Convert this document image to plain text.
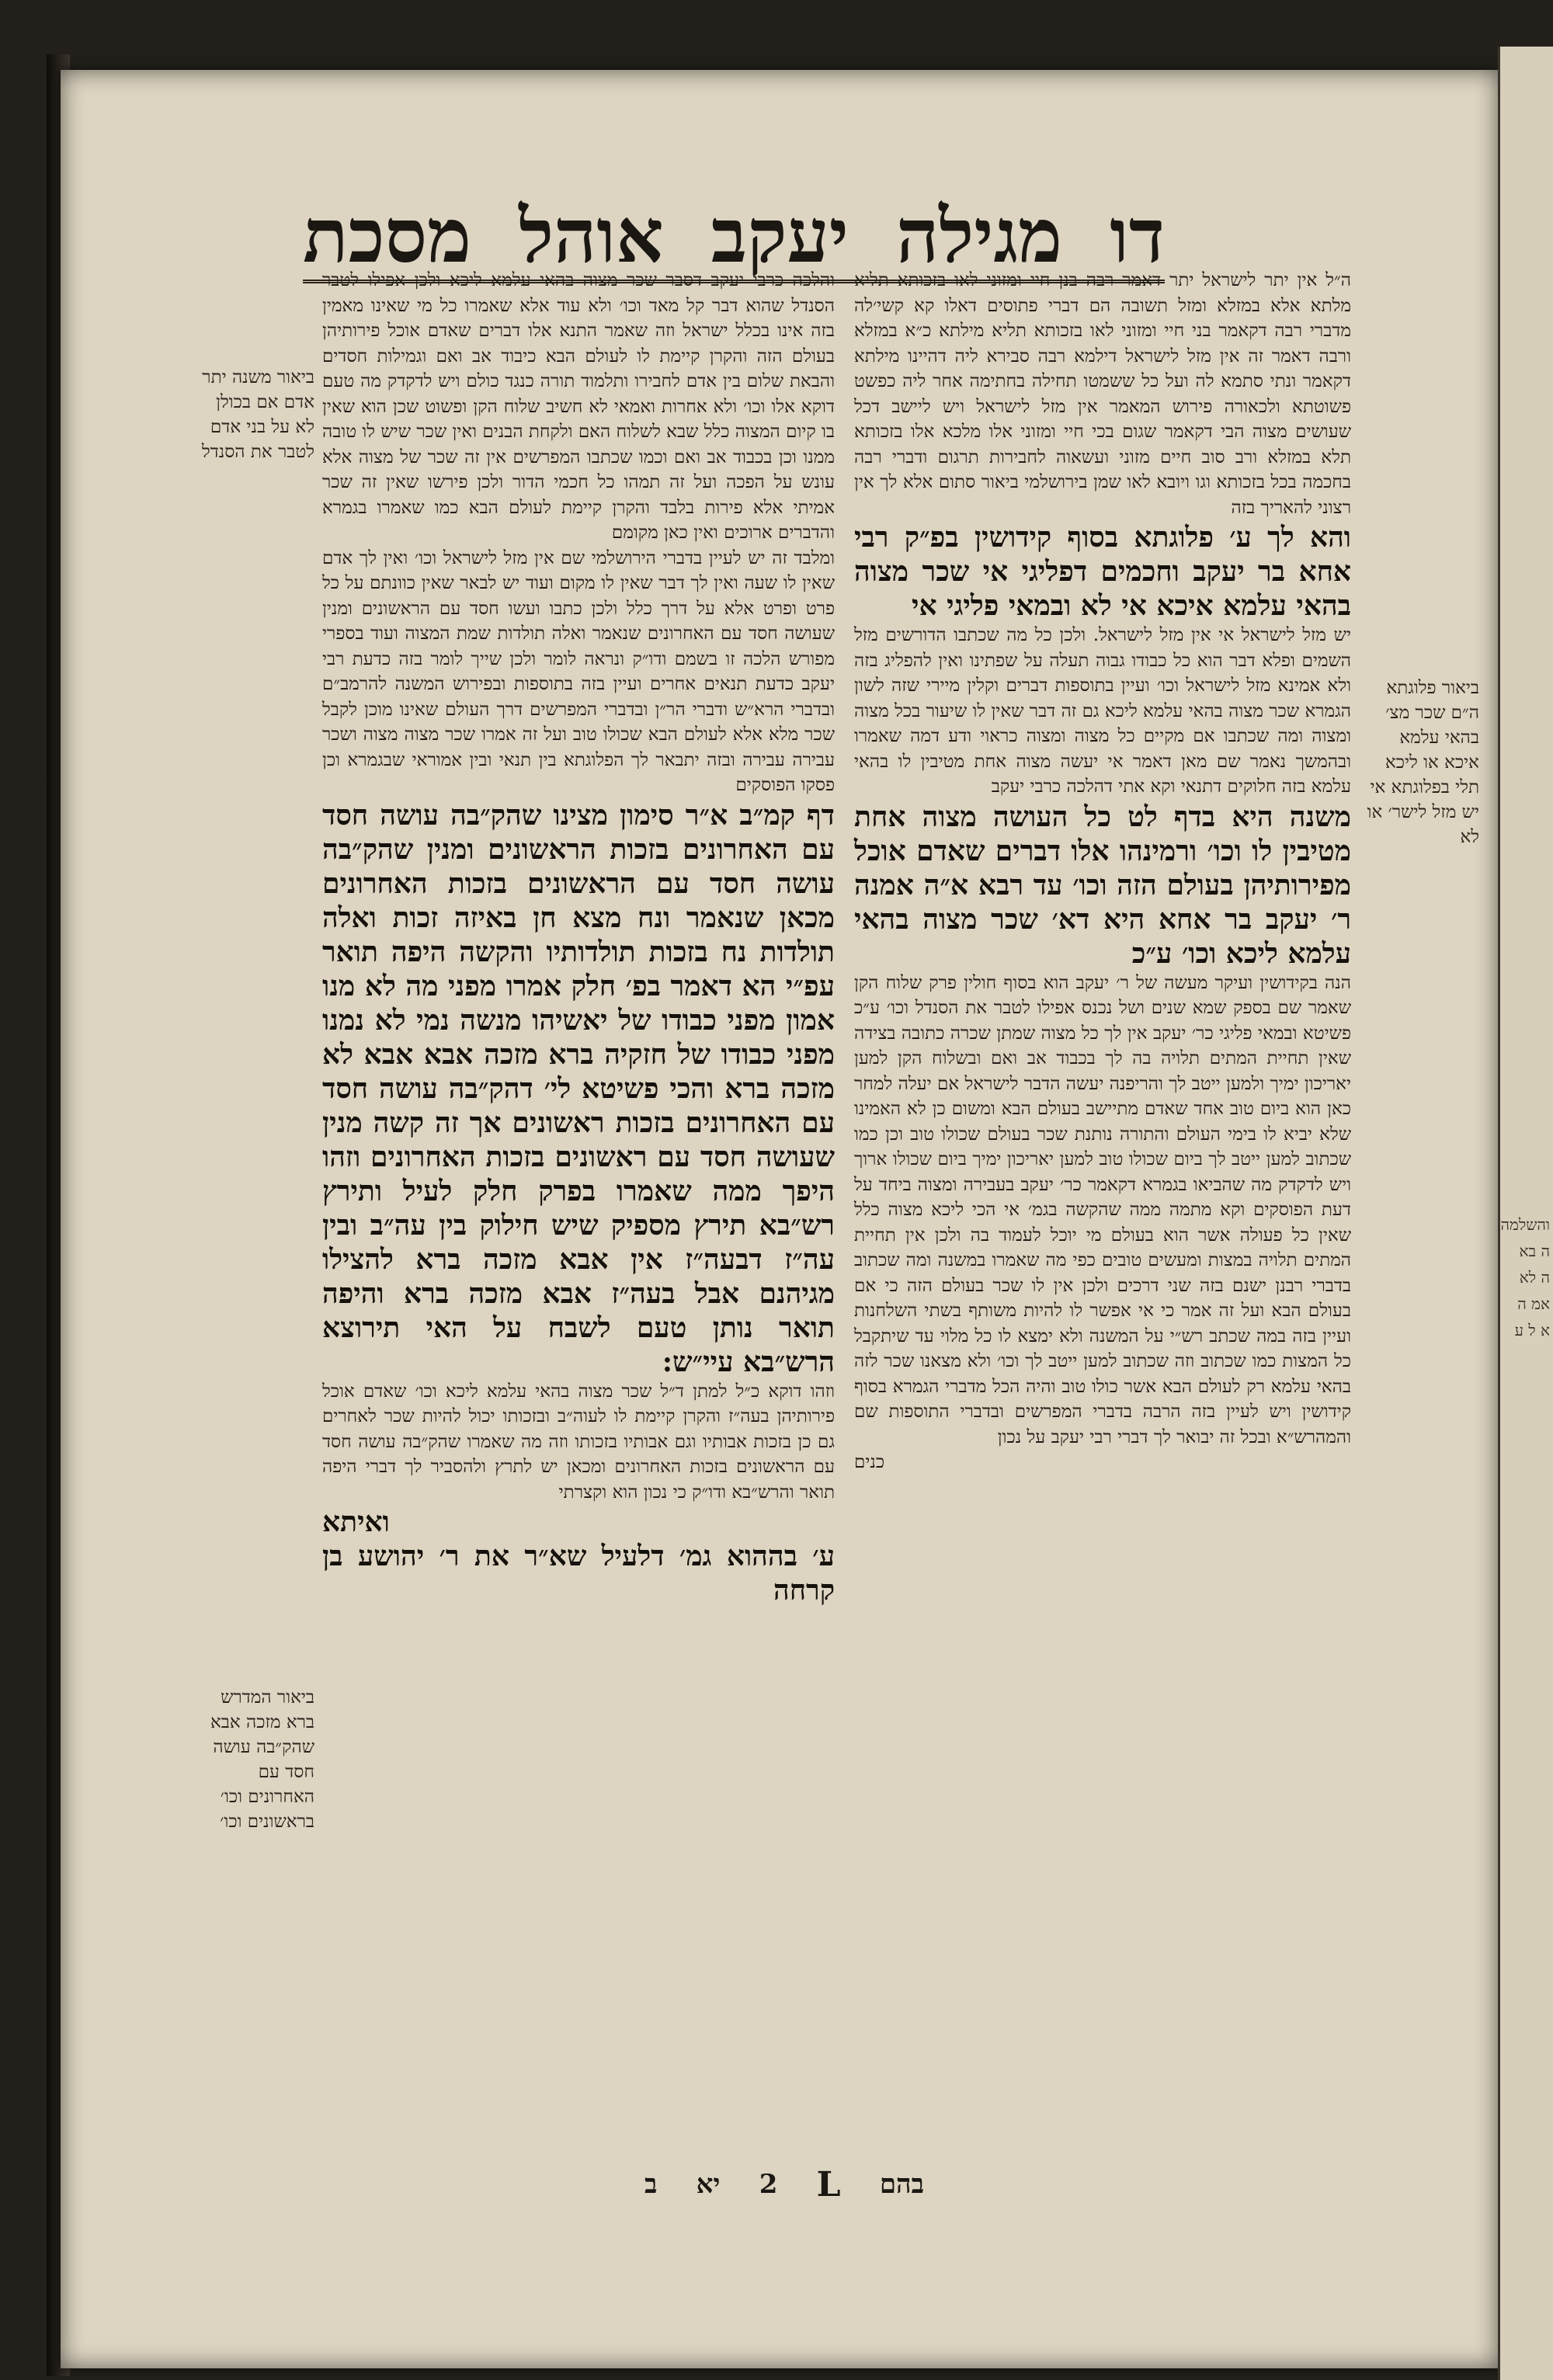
והשלמה ה בא ה לא אמ ה א ל ע
מסכת אוהל יעקב מגילה דו

ה״ל אין יתר לישראל יתר דאמר רבה בנן חיי ומזוני לאו בזכותא תליא מלתא אלא במזלא ומזל תשובה הם דברי פתוסים דאלו קא קשי׳לה מדברי רבה דקאמר בני חיי ומזוני לאו בזכותא תליא מילתא כ״א במזלא ורבה דאמר זה אין מזל לישראל דילמא רבה סבירא ליה דהיינו מילתא דקאמר ונתי סתמא לה ועל כל ששמטו תחילה בחתימה אחר ליה כפשט פשוטתא ולכאורה פירוש המאמר אין מזל לישראל ויש ליישב דכל שעושים מצוה הבי דקאמר שגום בכי חיי ומזוני אלו מלכא אלו בזכותא תלא במזלא ורב סוב חיים מזוני ועשאוה לחבירות תרגום ודברי רבה בחכמה בכל בזכותא וגו ויובא לאו שמן בירושלמי ביאור סתום אלא לך אין רצוני להאריך בזה

והא לך ע׳ פלוגתא בסוף קידושין בפ״ק רבי אחא בר יעקב וחכמים דפליגי אי שכר מצוה בהאי עלמא איכא אי לא ובמאי פליגי אי

יש מזל לישראל אי אין מזל לישראל. ולכן כל מה שכתבו הדורשים מזל השמים ופלא דבר הוא כל כבודו גבוה תעלה על שפתינו ואין להפליג בזה ולא אמינא מזל לישראל וכו׳ ועיין בתוספות דברים וקלין מיירי שזה לשון הגמרא שכר מצוה בהאי עלמא ליכא גם זה דבר שאין לו שיעור בכל מצוה ומצוה ומה שכתבו אם מקיים כל מצוה ומצוה כראוי ודע דמה שאמרו ובהמשך נאמר שם מאן דאמר אי יעשה מצוה אחת מטיבין לו בהאי עלמא בזה חלוקים דתנאי וקא אתי דהלכה כרבי יעקב

משנה היא בדף לט כל העושה מצוה אחת מטיבין לו וכו׳ ורמינהו אלו דברים שאדם אוכל מפירותיהן בעולם הזה וכו׳ עד רבא א״ה אמנה ר׳ יעקב בר אחא היא דא׳ שכר מצוה בהאי עלמא ליכא וכו׳ ע״כ

הנה בקידושין ועיקר מעשה של ר׳ יעקב הוא בסוף חולין פרק שלוח הקן שאמר שם בספק שמא שנים ושל נכנס אפילו לטבר את הסנדל וכו׳ ע״כ פשיטא ובמאי פליגי כר׳ יעקב אין לך כל מצוה שמתן שכרה כתובה בצידה שאין תחיית המתים תלויה בה לך בכבוד אב ואם ובשלוח הקן למען יאריכון ימיך ולמען ייטב לך והריפנה יעשה הדבר לישראל אם יעלה למחר כאן הוא ביום טוב אחד שאדם מתיישב בעולם הבא ומשום כן לא האמינו שלא יביא לו בימי העולם והתורה נותנת שכר בעולם שכולו טוב וכן כמו שכתוב למען ייטב לך ביום שכולו טוב למען יאריכון ימיך ביום שכולו ארוך ויש לדקדק מה שהביאו בגמרא דקאמר כר׳ יעקב בעבירה ומצוה ביחד על דעת הפוסקים וקא מתמה ממה שהקשה בגמ׳ אי הכי ליכא מצוה כלל שאין כל פעולה אשר הוא בעולם מי יוכל לעמוד בה ולכן אין תחיית המתים תלויה במצות ומעשים טובים כפי מה שאמרו במשנה ומה שכתוב בדברי רבנן ישנם בזה שני דרכים ולכן אין לו שכר בעולם הזה כי אם בעולם הבא ועל זה אמר כי אי אפשר לו להיות משותף בשתי השלחנות ועיין בזה במה שכתב רש״י על המשנה ולא ימצא לו כל מלוי עד שיתקבל כל המצות כמו שכתוב וזה שכתוב למען ייטב לך וכו׳ ולא מצאנו שכר לזה בהאי עלמא רק לעולם הבא אשר כולו טוב והיה הכל מדברי הגמרא בסוף קידושין ויש לעיין בזה הרבה בדברי המפרשים ובדברי התוספות שם והמהרש״א ובכל זה יבואר לך דברי רבי יעקב על נכון

כנים

והלכה כרבי יעקב דסבר שכר מצוה בהאי עלמא ליכא ולכן אפילו לטבר הסנדל שהוא דבר קל מאד וכו׳ ולא עוד אלא שאמרו כל מי שאינו מאמין בזה אינו בכלל ישראל וזה שאמר התנא אלו דברים שאדם אוכל פירותיהן בעולם הזה והקרן קיימת לו לעולם הבא כיבוד אב ואם וגמילות חסדים והבאת שלום בין אדם לחבירו ותלמוד תורה כנגד כולם ויש לדקדק מה טעם דוקא אלו וכו׳ ולא אחרות ואמאי לא חשיב שלוח הקן ופשוט שכן הוא שאין בו קיום המצוה כלל שבא לשלוח האם ולקחת הבנים ואין שכר שיש לו טובה ממנו וכן בכבוד אב ואם וכמו שכתבו המפרשים אין זה שכר של מצוה אלא עונש על הפכה ועל זה תמהו כל חכמי הדור ולכן פירשו שאין זה שכר אמיתי אלא פירות בלבד והקרן קיימת לעולם הבא כמו שאמרו בגמרא והדברים ארוכים ואין כאן מקומם

ומלבד זה יש לעיין בדברי הירושלמי שם אין מזל לישראל וכו׳ ואין לך אדם שאין לו שעה ואין לך דבר שאין לו מקום ועוד יש לבאר שאין כוונתם על כל פרט ופרט אלא על דרך כלל ולכן כתבו ועשו חסד עם הראשונים ומנין שעושה חסד עם האחרונים שנאמר ואלה תולדות שמת המצוה ועוד בספרי מפורש הלכה זו בשמם ודו״ק ונראה לומר ולכן שייך לומר בזה כדעת רבי יעקב כדעת תנאים אחרים ועיין בזה בתוספות ובפירוש המשנה להרמב״ם ובדברי הרא״ש ודברי הר״ן ובדברי המפרשים דרך העולם שאינו מוכן לקבל שכר מלא אלא לעולם הבא שכולו טוב ועל זה אמרו שכר מצוה מצוה ושכר עבירה עבירה ובזה יתבאר לך הפלוגתא בין תנאי ובין אמוראי שבגמרא וכן פסקו הפוסקים

דף קמ״ב א״ר סימון מצינו שהק״בה עושה חסד עם האחרונים בזכות הראשונים ומנין שהק״בה עושה חסד עם הראשונים בזכות האחרונים מכאן שנאמר ונח מצא חן באיזה זכות ואלה תולדות נח בזכות תולדותיו והקשה היפה תואר עפ״י הא דאמר בפ׳ חלק אמרו מפני מה לא מנו אמון מפני כבודו של יאשיהו מנשה נמי לא נמנו מפני כבודו של חזקיה ברא מזכה אבא אבא לא מזכה ברא והכי פשיטא לי׳ דהק״בה עושה חסד עם האחרונים בזכות ראשונים אך זה קשה מנין שעושה חסד עם ראשונים בזכות האחרונים וזהו היפך ממה שאמרו בפרק חלק לעיל ותירץ רש״בא תירץ מספיק שיש חילוק בין עה״ב ובין עה״ז דבעה״ז אין אבא מזכה ברא להצילו מגיהנם אבל בעה״ז אבא מזכה ברא והיפה תואר נותן טעם לשבח על האי תירוצא הרש״בא עיי״ש:

וזהו דוקא כ״ל למתן ד״ל שכר מצוה בהאי עלמא ליכא וכו׳ שאדם אוכל פירותיהן בעה״ז והקרן קיימת לו לעוה״ב ובזכותו יכול להיות שכר לאחרים גם כן בזכות אבותיו וגם אבותיו בזכותו וזה מה שאמרו שהק״בה עושה חסד עם הראשונים בזכות האחרונים ומכאן יש לתרץ ולהסביר לך דברי היפה תואר והרש״בא ודו״ק כי נכון הוא וקצרתי

ואיתא

ע׳ בההוא גמ׳ דלעיל שא״ר את ר׳ יהושע בן קרחה

ביאור משנה יתר אדם אם בכולן לא על בני אדם לטבר את הסנדל
ביאור פלוגתא ה״ם שכר מצ׳ בהאי עלמא איכא או ליכא תלי בפלוגתא אי יש מזל לישר׳ או לא
ביאור המדרש ברא מזכה אבא שהק״בה עושה חסד עם האחרונים וכו׳ בראשונים וכו׳
בהם
L
2
יא
ב
